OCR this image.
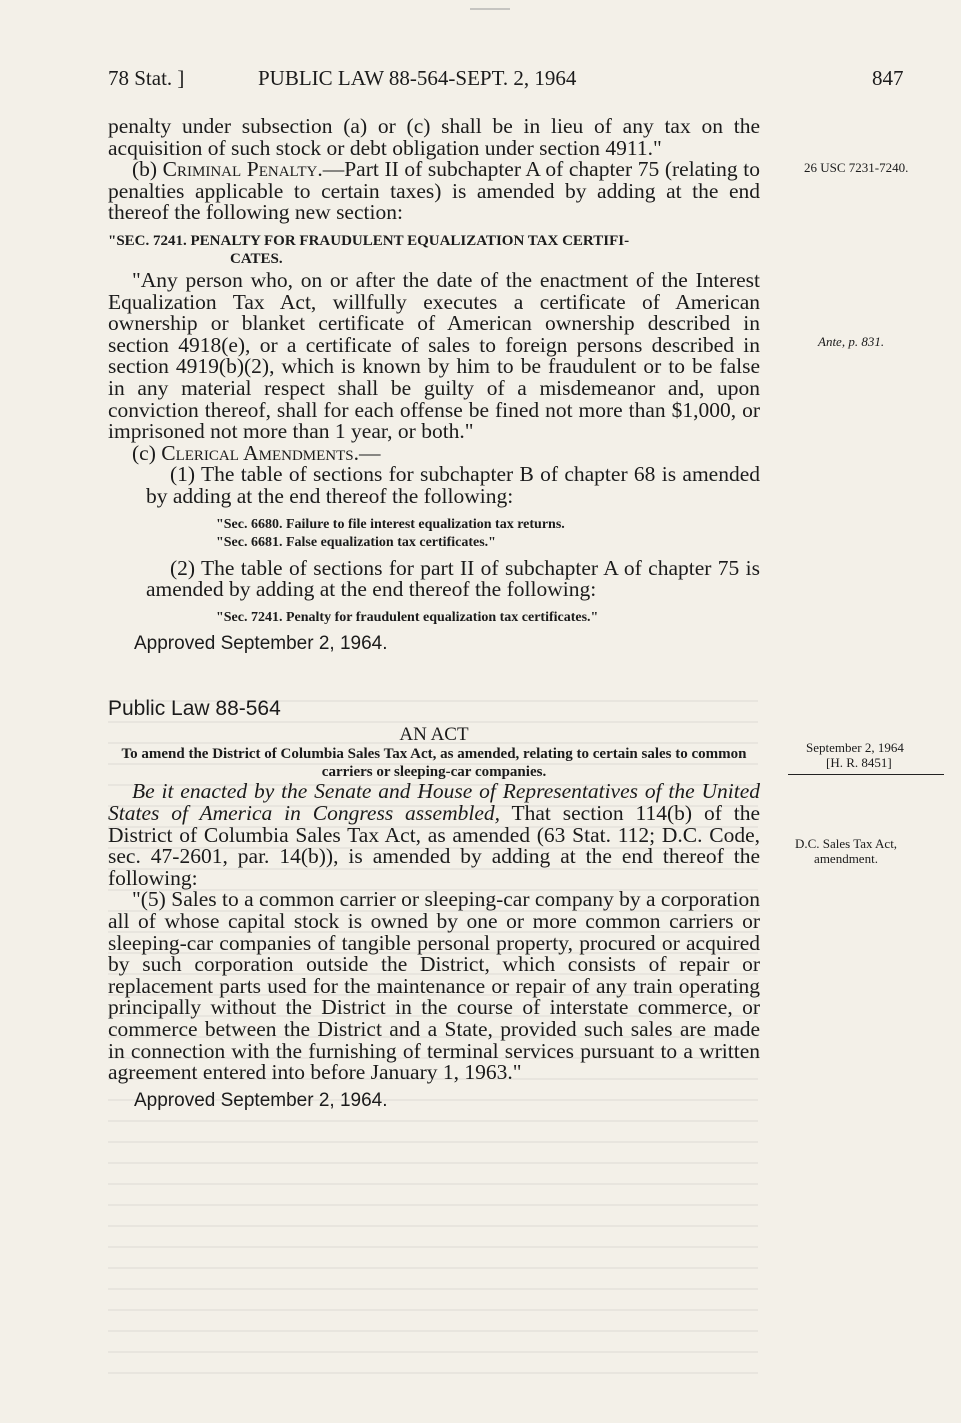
78 Stat. ]	PUBLIC LAW 88-564-SEPT. 2, 1964	847
26 USC 7231-7240.
Ante, p. 831.
September 2, 1964
[H. R. 8451]
D.C. Sales Tax Act, amendment.

penalty under subsection (a) or (c) shall be in lieu of any tax on the acquisition of such stock or debt obligation under section 4911."

(b) Criminal Penalty.—Part II of subchapter A of chapter 75 (relating to penalties applicable to certain taxes) is amended by adding at the end thereof the following new section:

"SEC. 7241. PENALTY FOR FRAUDULENT EQUALIZATION TAX CERTIFI-
CATES.

"Any person who, on or after the date of the enactment of the Interest Equalization Tax Act, willfully executes a certificate of American ownership or blanket certificate of American ownership described in section 4918(e), or a certificate of sales to foreign persons described in section 4919(b)(2), which is known by him to be fraudulent or to be false in any material respect shall be guilty of a misdemeanor and, upon conviction thereof, shall for each offense be fined not more than $1,000, or imprisoned not more than 1 year, or both."

(c) Clerical Amendments.—

(1) The table of sections for subchapter B of chapter 68 is amended by adding at the end thereof the following:

"Sec. 6680. Failure to file interest equalization tax returns.
"Sec. 6681. False equalization tax certificates."

(2) The table of sections for part II of subchapter A of chapter 75 is amended by adding at the end thereof the following:

"Sec. 7241. Penalty for fraudulent equalization tax certificates."
Approved September 2, 1964.
Public Law 88-564
AN ACT
To amend the District of Columbia Sales Tax Act, as amended, relating to certain sales to common carriers or sleeping-car companies.

Be it enacted by the Senate and House of Representatives of the United States of America in Congress assembled, That section 114(b) of the District of Columbia Sales Tax Act, as amended (63 Stat. 112; D.C. Code, sec. 47-2601, par. 14(b)), is amended by adding at the end thereof the following:

"(5) Sales to a common carrier or sleeping-car company by a corporation all of whose capital stock is owned by one or more common carriers or sleeping-car companies of tangible personal property, procured or acquired by such corporation outside the District, which consists of repair or replacement parts used for the maintenance or repair of any train operating principally without the District in the course of interstate commerce, or commerce between the District and a State, provided such sales are made in connection with the furnishing of terminal services pursuant to a written agreement entered into before January 1, 1963."

Approved September 2, 1964.
